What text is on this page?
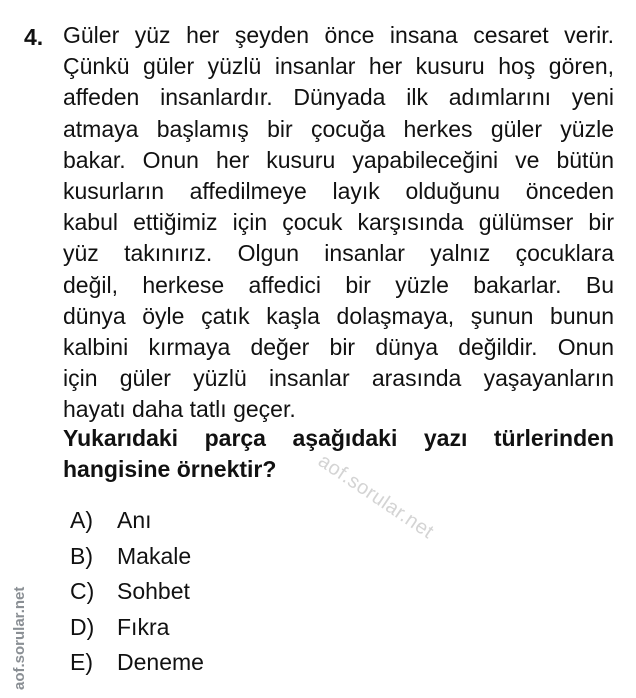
4. Güler yüz her şeyden önce insana cesaret verir.
Çünkü güler yüzlü insanlar her kusuru hoş gören,
affeden insanlardır. Dünyada ilk adımlarını yeni
atmaya başlamış bir çocuğa herkes güler yüzle
bakar. Onun her kusuru yapabileceğini ve bütün
kusurların affedilmeye layık olduğunu önceden
kabul ettiğimiz için çocuk karşısında gülümser bir
yüz takınırız. Olgun insanlar yalnız çocuklara
değil, herkese affedici bir yüzle bakarlar. Bu
dünya öyle çatık kaşla dolaşmaya, şunun bunun
kalbini kırmaya değer bir dünya değildir. Onun
için güler yüzlü insanlar arasında yaşayanların
hayatı daha tatlı geçer.
Yukarıdaki parça aşağıdaki yazı türlerinden
hangisine örnektir?
A)	Anı
B)	Makale
C) Sohbet
D) Fıkra
E)	Deneme
aof.sorular.net
aof.sorular.net
